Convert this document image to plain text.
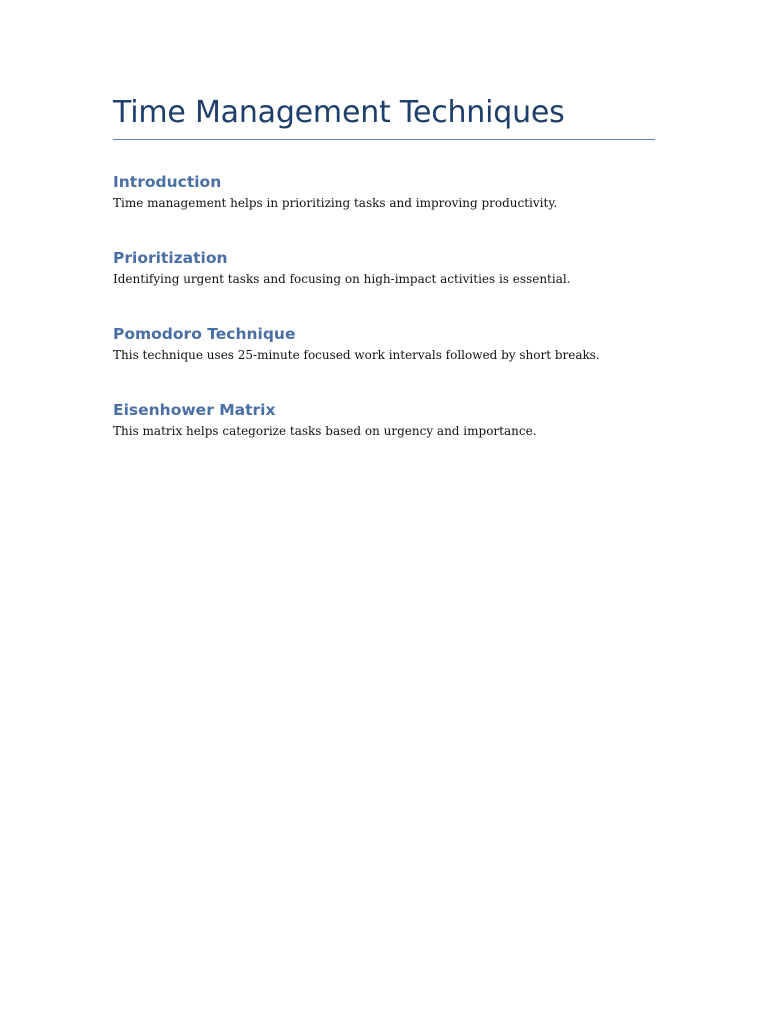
Time Management Techniques
Introduction

Time management helps in prioritizing tasks and improving productivity.

Prioritization

Identifying urgent tasks and focusing on high-impact activities is essential.

Pomodoro Technique

This technique uses 25-minute focused work intervals followed by short breaks.

Eisenhower Matrix

This matrix helps categorize tasks based on urgency and importance.
